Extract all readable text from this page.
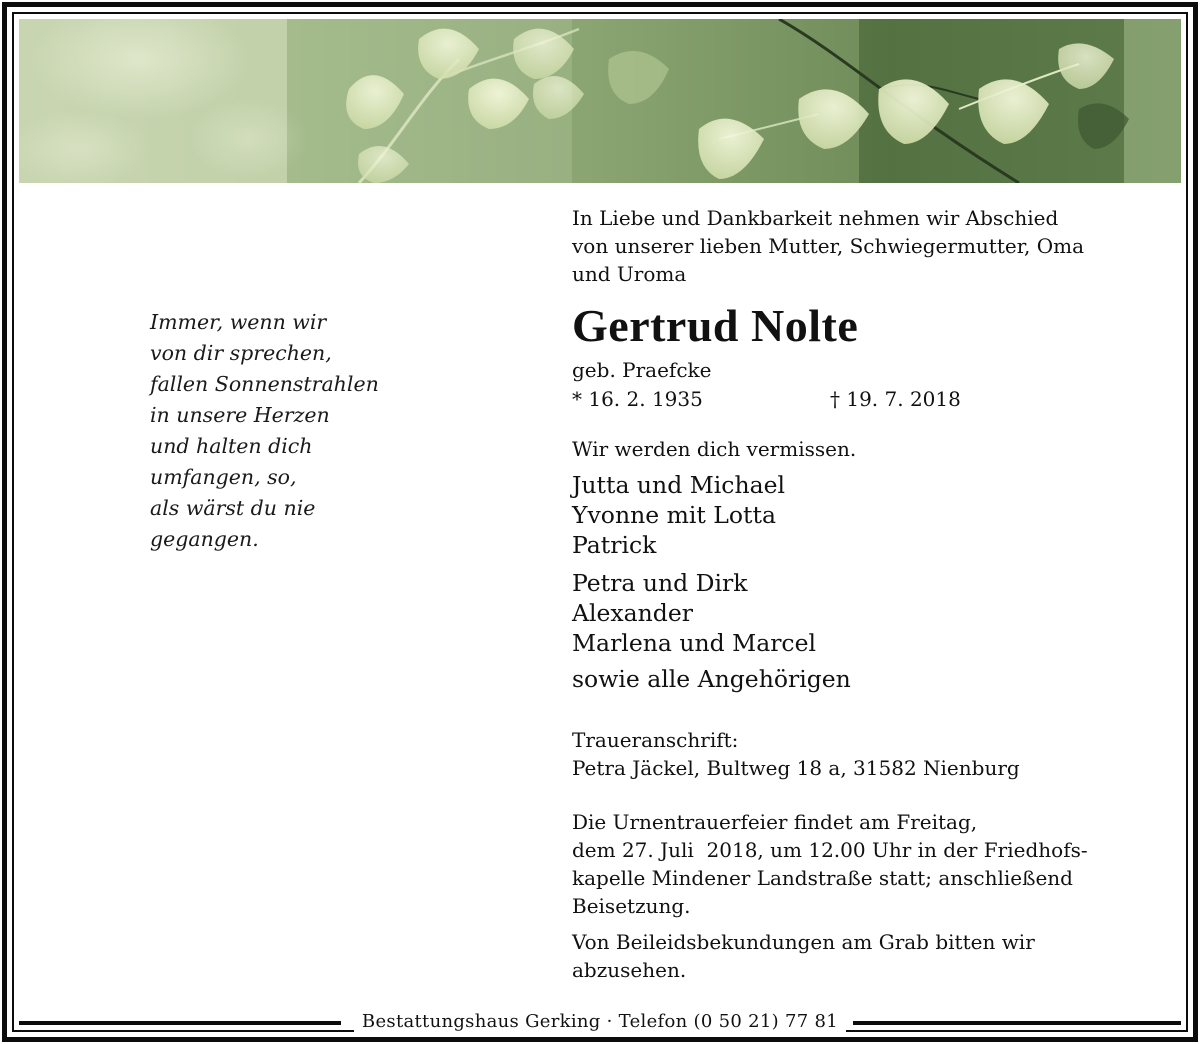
Immer, wenn wir
von dir sprechen,
fallen Sonnenstrahlen
in unsere Herzen
und halten dich
umfangen, so,
als wärst du nie
gegangen.
In Liebe und Dankbarkeit nehmen wir Abschied
von unserer lieben Mutter, Schwiegermutter, Oma
und Uroma
Gertrud Nolte
geb. Praefcke
* 16. 2. 1935	† 19. 7. 2018
Wir werden dich vermissen.
Jutta und Michael
Yvonne mit Lotta
Patrick
Petra und Dirk
Alexander
Marlena und Marcel
sowie alle Angehörigen
Traueranschrift:
Petra Jäckel, Bultweg 18 a, 31582 Nienburg
Die Urnentrauerfeier findet am Freitag,
dem 27. Juli  2018, um 12.00 Uhr in der Friedhofs-
kapelle Mindener Landstraße statt; anschließend
Beisetzung.
Von Beileidsbekundungen am Grab bitten wir
abzusehen.
Bestattungshaus Gerking · Telefon (0 50 21) 77 81
